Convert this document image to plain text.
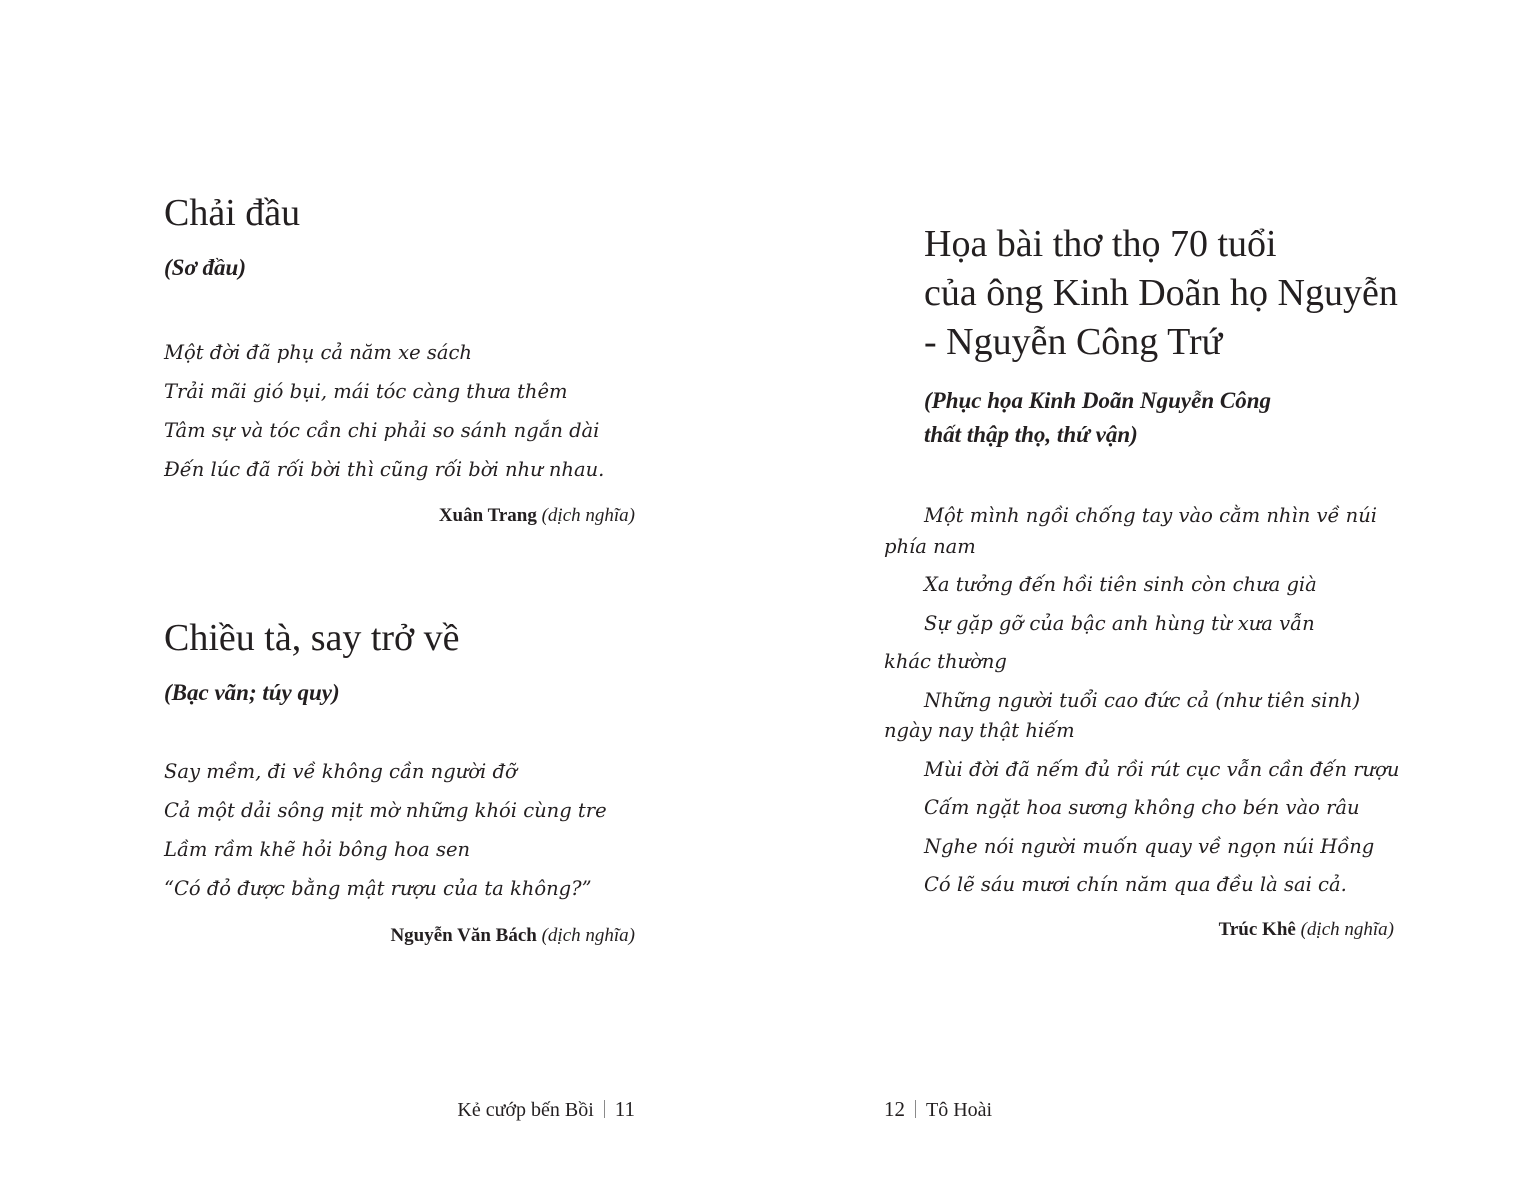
Chải đầu
(Sơ đầu)
Một đời đã phụ cả năm xe sách
Trải mãi gió bụi, mái tóc càng thưa thêm
Tâm sự và tóc cần chi phải so sánh ngắn dài
Đến lúc đã rối bời thì cũng rối bời như nhau.
Xuân Trang (dịch nghĩa)
Chiều tà, say trở về
(Bạc vãn; túy quy)
Say mềm, đi về không cần người đỡ
Cả một dải sông mịt mờ những khói cùng tre
Lầm rầm khẽ hỏi bông hoa sen
“Có đỏ được bằng mật rượu của ta không?”
Nguyễn Văn Bách (dịch nghĩa)
Kẻ cướp bến Bồi 11
Họa bài thơ thọ 70 tuổi
của ông Kinh Doãn họ Nguyễn
- Nguyễn Công Trứ
(Phục họa Kinh Doãn Nguyễn Công
thất thập thọ, thứ vận)
Một mình ngồi chống tay vào cằm nhìn về núi
phía nam
Xa tưởng đến hồi tiên sinh còn chưa già
Sự gặp gỡ của bậc anh hùng từ xưa vẫn
khác thường
Những người tuổi cao đức cả (như tiên sinh)
ngày nay thật hiếm
Mùi đời đã nếm đủ rồi rút cục vẫn cần đến rượu
Cấm ngặt hoa sương không cho bén vào râu
Nghe nói người muốn quay về ngọn núi Hồng
Có lẽ sáu mươi chín năm qua đều là sai cả.
Trúc Khê (dịch nghĩa)
12 Tô Hoài
